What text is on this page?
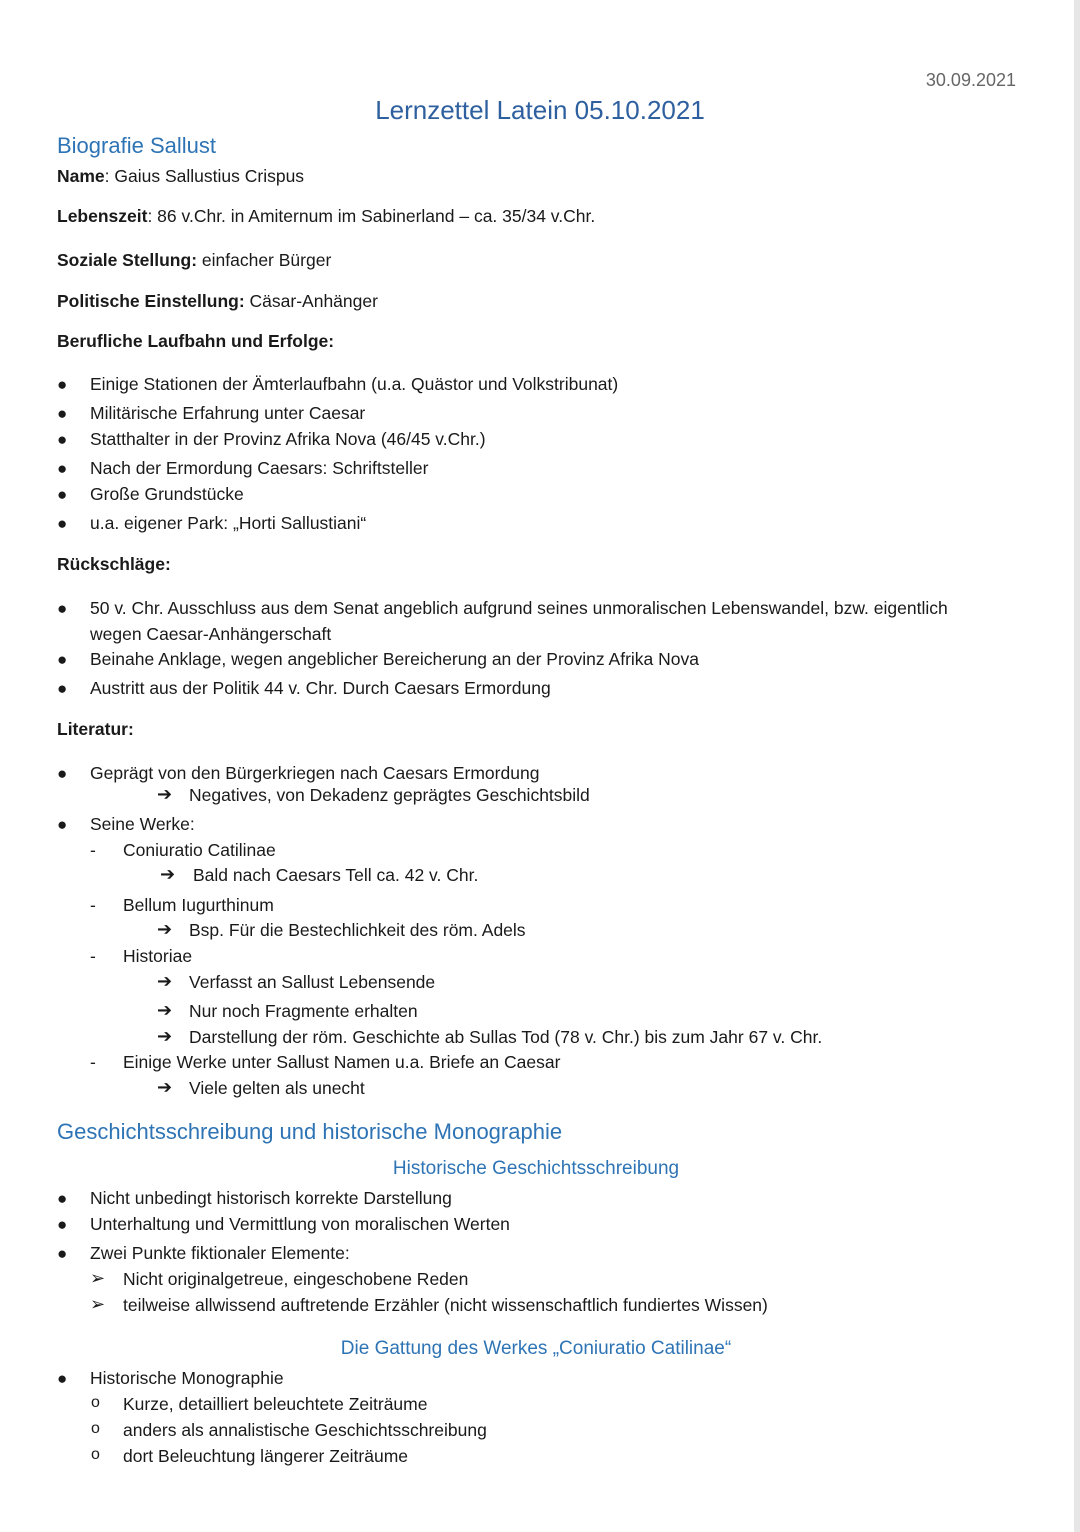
30.09.2021
Lernzettel Latein 05.10.2021
Biografie Sallust
Name: Gaius Sallustius Crispus
Lebenszeit: 86 v.Chr. in Amiternum im Sabinerland – ca. 35/34 v.Chr.
Soziale Stellung: einfacher Bürger
Politische Einstellung: Cäsar-Anhänger
Berufliche Laufbahn und Erfolge:
● Einige Stationen der Ämterlaufbahn (u.a. Quästor und Volkstribunat)
● Militärische Erfahrung unter Caesar
● Statthalter in der Provinz Afrika Nova (46/45 v.Chr.)
● Nach der Ermordung Caesars: Schriftsteller
● Große Grundstücke
● u.a. eigener Park: „Horti Sallustiani“
Rückschläge:
● 50 v. Chr. Ausschluss aus dem Senat angeblich aufgrund seines unmoralischen Lebenswandel, bzw. eigentlich
wegen Caesar-Anhängerschaft
● Beinahe Anklage, wegen angeblicher Bereicherung an der Provinz Afrika Nova
● Austritt aus der Politik 44 v. Chr. Durch Caesars Ermordung
Literatur:
● Geprägt von den Bürgerkriegen nach Caesars Ermordung
➔ Negatives, von Dekadenz geprägtes Geschichtsbild
● Seine Werke:
- Coniuratio Catilinae
➔ Bald nach Caesars Tell ca. 42 v. Chr.
- Bellum Iugurthinum
➔ Bsp. Für die Bestechlichkeit des röm. Adels
- Historiae
➔ Verfasst an Sallust Lebensende
➔ Nur noch Fragmente erhalten
➔ Darstellung der röm. Geschichte ab Sullas Tod (78 v. Chr.) bis zum Jahr 67 v. Chr.
- Einige Werke unter Sallust Namen u.a. Briefe an Caesar
➔ Viele gelten als unecht
Geschichtsschreibung und historische Monographie
Historische Geschichtsschreibung
● Nicht unbedingt historisch korrekte Darstellung
● Unterhaltung und Vermittlung von moralischen Werten
● Zwei Punkte fiktionaler Elemente:
➢ Nicht originalgetreue, eingeschobene Reden
➢ teilweise allwissend auftretende Erzähler (nicht wissenschaftlich fundiertes Wissen)
Die Gattung des Werkes „Coniuratio Catilinae“
● Historische Monographie
o Kurze, detailliert beleuchtete Zeiträume
o anders als annalistische Geschichtsschreibung
o dort Beleuchtung längerer Zeiträume
